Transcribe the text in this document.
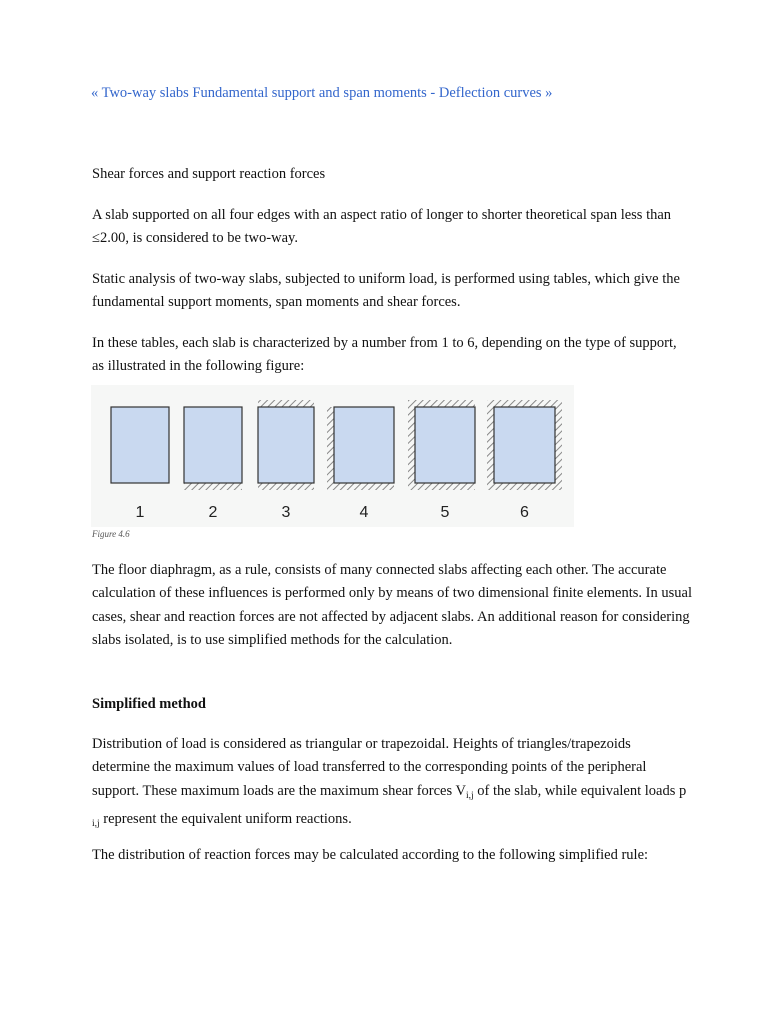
« Two-way slabs Fundamental support and span moments - Deflection curves »

Shear forces and support reaction forces

A slab supported on all four edges with an aspect ratio of longer to shorter theoretical span less than ≤2.00, is considered to be two-way.

Static analysis of two-way slabs, subjected to uniform load, is performed using tables, which give the fundamental support moments, span moments and shear forces.

In these tables, each slab is characterized by a number from 1 to 6, depending on the type of support, as illustrated in the following figure:

1	2	3	4	5	6
Figure 4.6

The floor diaphragm, as a rule, consists of many connected slabs affecting each other. The accurate calculation of these influences is performed only by means of two dimensional finite elements. In usual cases, shear and reaction forces are not affected by adjacent slabs. An additional reason for considering slabs isolated, is to use simplified methods for the calculation.

Simplified method

Distribution of load is considered as triangular or trapezoidal. Heights of triangles/trapezoids determine the maximum values of load transferred to the corresponding points of the peripheral support. These maximum loads are the maximum shear forces $V_{i,j}$ of the slab, while equivalent loads p $_{i,j}$ represent the equivalent uniform reactions.

The distribution of reaction forces may be calculated according to the following simplified rule:
